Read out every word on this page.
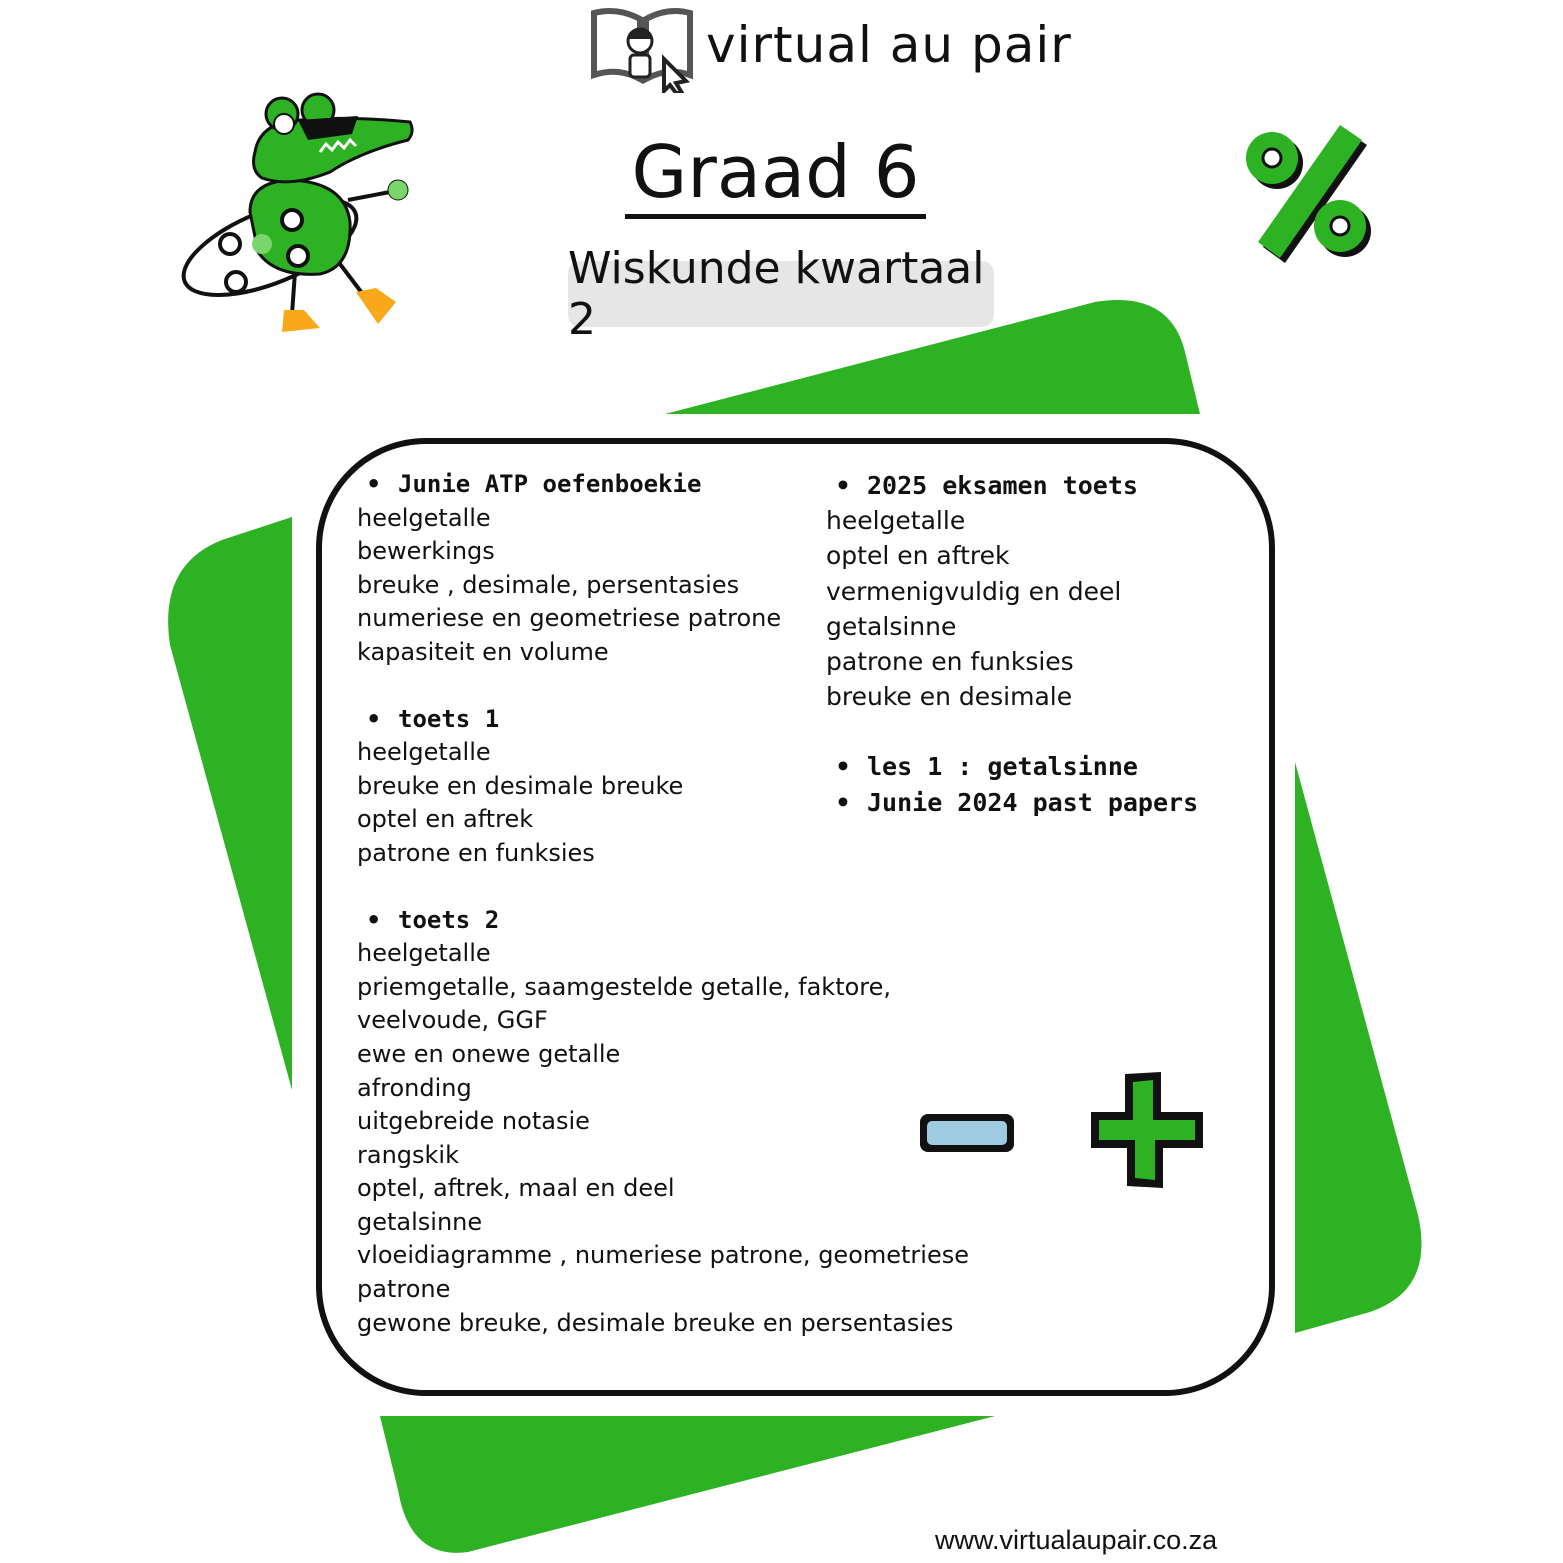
virtual au pair
Graad 6
Wiskunde kwartaal 2
• Junie ATP oefenboekie
heelgetalle
bewerkings
breuke , desimale, persentasies
numeriese en geometriese patrone
kapasiteit en volume
• toets 1
heelgetalle
breuke en desimale breuke
optel en aftrek
patrone en funksies
• toets 2
heelgetalle
priemgetalle, saamgestelde getalle, faktore,
veelvoude, GGF
ewe en onewe getalle
afronding
uitgebreide notasie
rangskik
optel, aftrek, maal en deel
getalsinne
vloeidiagramme , numeriese patrone, geometriese
patrone
gewone breuke, desimale breuke en persentasies
• 2025 eksamen toets
heelgetalle
optel en aftrek
vermenigvuldig en deel
getalsinne
patrone en funksies
breuke en desimale
• les 1 : getalsinne
• Junie 2024 past papers
www.virtualaupair.co.za
